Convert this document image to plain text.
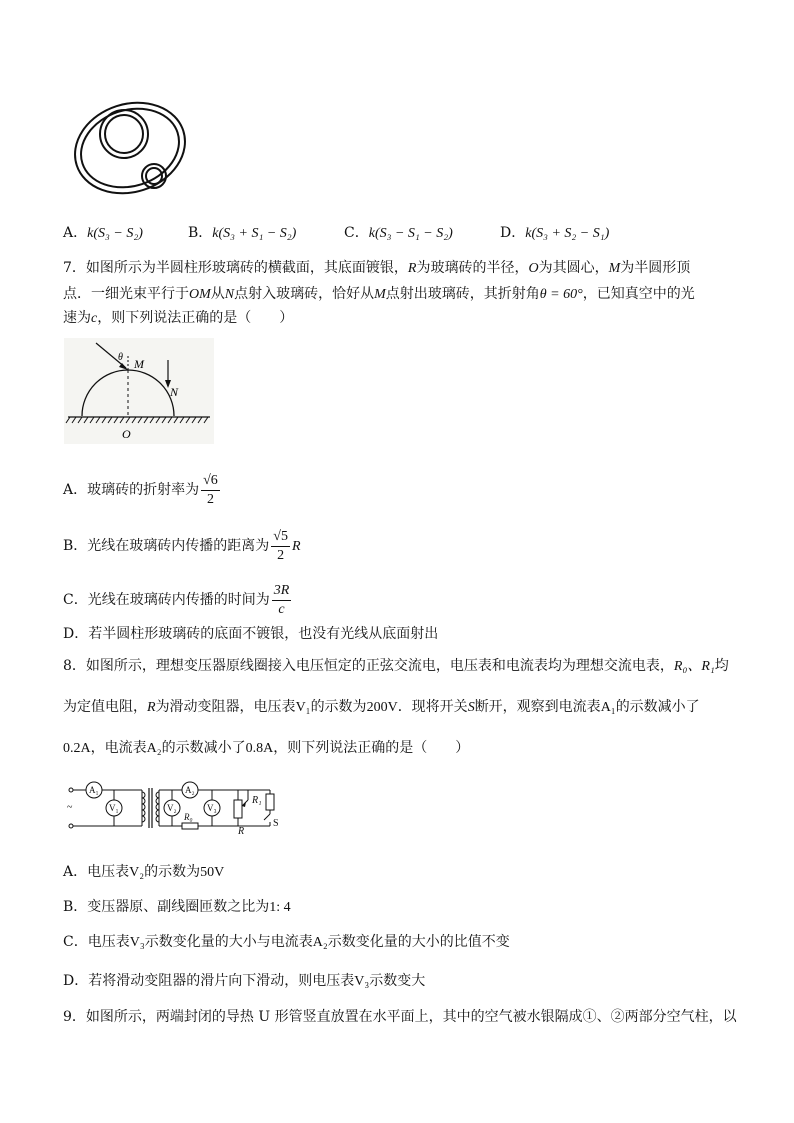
A．k(S₃ − S₂)	B．k(S₃ + S₁ − S₂)	C．k(S₃ − S₁ − S₂)	D．k(S₃ + S₂ − S₁)
7．如图所示为半圆柱形玻璃砖的横截面，其底面镀银，R为玻璃砖的半径，O为其圆心，M为半圆形顶
点．一细光束平行于OM从N点射入玻璃砖，恰好从M点射出玻璃砖，其折射角θ = 60°，已知真空中的光
速为c，则下列说法正确的是（　　）
θ M
N
O
A．玻璃砖的折射率为 $\frac{√6}{2}$
B．光线在玻璃砖内传播的距离为 $\frac{√5}{2}$ R
C．光线在玻璃砖内传播的时间为 $\frac{3R}{c}$
D．若半圆柱形玻璃砖的底面不镀银，也没有光线从底面射出
8．如图所示，理想变压器原线圈接入电压恒定的正弦交流电，电压表和电流表均为理想交流电表，R₀、R₁均
为定值电阻，R为滑动变阻器，电压表V₁的示数为200V．现将开关S断开，观察到电流表A₁的示数减小了
0.2A，电流表A₂的示数减小了0.8A，则下列说法正确的是（　　）
A₁
V₁
A₂
V₂	V₃
R₀
R₁
R
S
~
A．电压表V₂的示数为50V
B．变压器原、副线圈匝数之比为1: 4
C．电压表V₃示数变化量的大小与电流表A₂示数变化量的大小的比值不变
D．若将滑动变阻器的滑片向下滑动，则电压表V₃示数变大
9．如图所示，两端封闭的导热 U 形管竖直放置在水平面上，其中的空气被水银隔成①、②两部分空气柱，以
